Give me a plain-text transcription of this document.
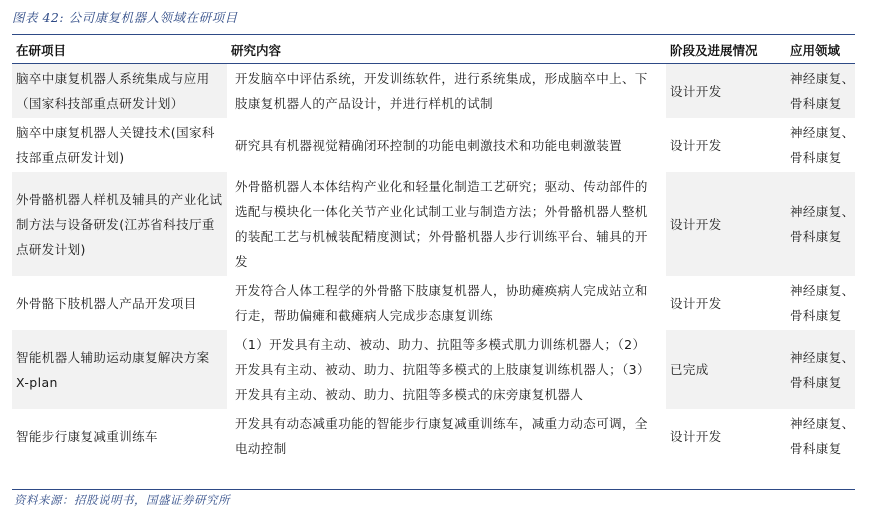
图表 42: 公司康复机器人领域在研项目
在研项目	研究内容	阶段及进展情况	应用领域
脑卒中康复机器人系统集成与应用（国家科技部重点研发计划）	开发脑卒中评估系统，开发训练软件，进行系统集成，形成脑卒中上、下肢康复机器人的产品设计，并进行样机的试制	设计开发	神经康复、骨科康复
脑卒中康复机器人关键技术(国家科技部重点研发计划)	研究具有机器视觉精确闭环控制的功能电刺激技术和功能电刺激装置	设计开发	神经康复、骨科康复
外骨骼机器人样机及辅具的产业化试制方法与设备研发(江苏省科技厅重点研发计划)	外骨骼机器人本体结构产业化和轻量化制造工艺研究；驱动、传动部件的选配与模块化一体化关节产业化试制工业与制造方法；外骨骼机器人整机的装配工艺与机械装配精度测试；外骨骼机器人步行训练平台、辅具的开发	设计开发	神经康复、骨科康复
外骨骼下肢机器人产品开发项目	开发符合人体工程学的外骨骼下肢康复机器人，协助瘫痪病人完成站立和行走，帮助偏瘫和截瘫病人完成步态康复训练	设计开发	神经康复、骨科康复
智能机器人辅助运动康复解决方案 X-plan	（1）开发具有主动、被动、助力、抗阻等多模式肌力训练机器人；（2）开发具有主动、被动、助力、抗阻等多模式的上肢康复训练机器人；（3）开发具有主动、被动、助力、抗阻等多模式的床旁康复机器人	已完成	神经康复、骨科康复
智能步行康复减重训练车	开发具有动态减重功能的智能步行康复减重训练车，减重力动态可调，全电动控制	设计开发	神经康复、骨科康复
资料来源：招股说明书，国盛证券研究所
